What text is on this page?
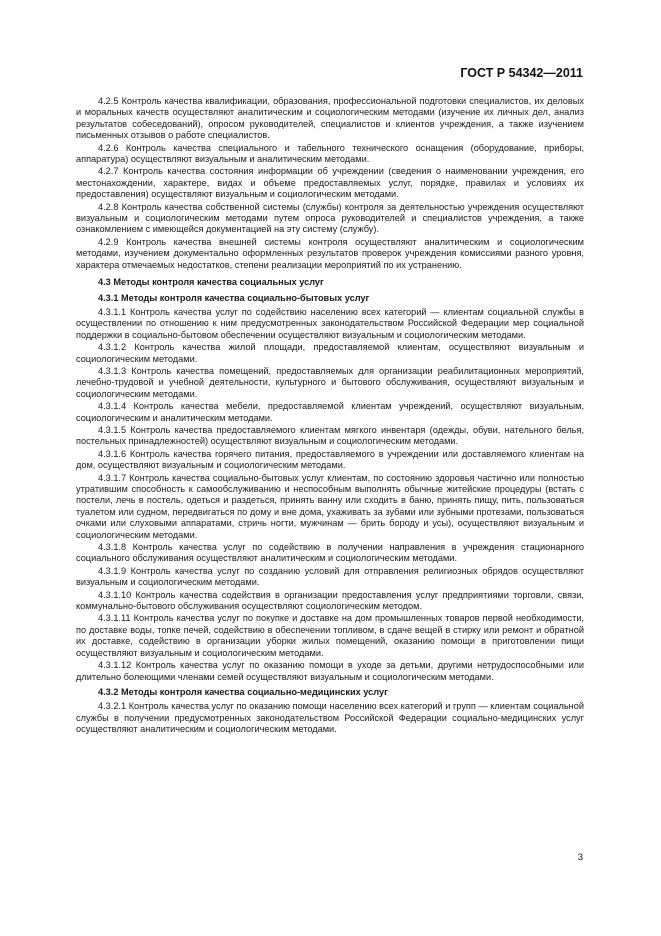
ГОСТ Р 54342—2011

4.2.5 Контроль качества квалификации, образования, профессиональной подготовки специалистов, их деловых и моральных качеств осуществляют аналитическим и социологическим методами (изучение их личных дел, анализ результатов собеседований), опросом руководителей, специалистов и клиентов учреждения, а также изучением письменных отзывов о работе специалистов.

4.2.6 Контроль качества специального и табельного технического оснащения (оборудование, приборы, аппаратура) осуществляют визуальным и аналитическим методами.

4.2.7 Контроль качества состояния информации об учреждении (сведения о наименовании учреждения, его местонахождении, характере, видах и объеме предоставляемых услуг, порядке, правилах и условиях их предоставления) осуществляют визуальным и социологическим методами.

4.2.8 Контроль качества собственной системы (службы) контроля за деятельностью учреждения осуществляют визуальным и социологическим методами путем опроса руководителей и специалистов учреждения, а также ознакомлением с имеющейся документацией на эту систему (службу).

4.2.9 Контроль качества внешней системы контроля осуществляют аналитическим и социологическим методами, изучением документально оформленных результатов проверок учреждения комиссиями разного уровня, характера отмечаемых недостатков, степени реализации мероприятий по их устранению.

4.3 Методы контроля качества социальных услуг

4.3.1 Методы контроля качества социально-бытовых услуг

4.3.1.1 Контроль качества услуг по содействию населению всех категорий — клиентам социальной службы в осуществлении по отношению к ним предусмотренных законодательством Российской Федерации мер социальной поддержки в социально-бытовом обеспечении осуществляют визуальным и социологическим методами.

4.3.1.2 Контроль качества жилой площади, предоставляемой клиентам, осуществляют визуальным и социологическим методами.

4.3.1.3 Контроль качества помещений, предоставляемых для организации реабилитационных мероприятий, лечебно-трудовой и учебной деятельности, культурного и бытового обслуживания, осуществляют визуальным и социологическим методами.

4.3.1.4 Контроль качества мебели, предоставляемой клиентам учреждений, осуществляют визуальным, социологическим и аналитическим методами.

4.3.1.5 Контроль качества предоставляемого клиентам мягкого инвентаря (одежды, обуви, нательного белья, постельных принадлежностей) осуществляют визуальным и социологическим методами.

4.3.1.6 Контроль качества горячего питания, предоставляемого в учреждении или доставляемого клиентам на дом, осуществляют визуальным и социологическим методами.

4.3.1.7 Контроль качества социально-бытовых услуг клиентам, по состоянию здоровья частично или полностью утратившим способность к самообслуживанию и неспособным выполнять обычные житейские процедуры (встать с постели, лечь в постель, одеться и раздеться, принять ванну или сходить в баню, принять пищу, пить, пользоваться туалетом или судном, передвигаться по дому и вне дома, ухаживать за зубами или зубными протезами, пользоваться очками или слуховыми аппаратами, стричь ногти, мужчинам — брить бороду и усы), осуществляют визуальным и социологическим методами.

4.3.1.8 Контроль качества услуг по содействию в получении направления в учреждения стационарного социального обслуживания осуществляют аналитическим и социологическим методами.

4.3.1.9 Контроль качества услуг по созданию условий для отправления религиозных обрядов осуществляют визуальным и социологическим методами.

4.3.1.10 Контроль качества содействия в организации предоставления услуг предприятиями торговли, связи, коммунально-бытового обслуживания осуществляют социологическим методом.

4.3.1.11 Контроль качества услуг по покупке и доставке на дом промышленных товаров первой необходимости, по доставке воды, топке печей, содействию в обеспечении топливом, в сдаче вещей в стирку или ремонт и обратной их доставке, содействию в организации уборки жилых помещений, оказанию помощи в приготовлении пищи осуществляют визуальным и социологическим методами.

4.3.1.12 Контроль качества услуг по оказанию помощи в уходе за детьми, другими нетрудоспособными или длительно болеющими членами семей осуществляют визуальным и социологическим методами.

4.3.2 Методы контроля качества социально-медицинских услуг

4.3.2.1 Контроль качества услуг по оказанию помощи населению всех категорий и групп — клиентам социальной службы в получении предусмотренных законодательством Российской Федерации социально-медицинских услуг осуществляют аналитическим и социологическим методами.

3
